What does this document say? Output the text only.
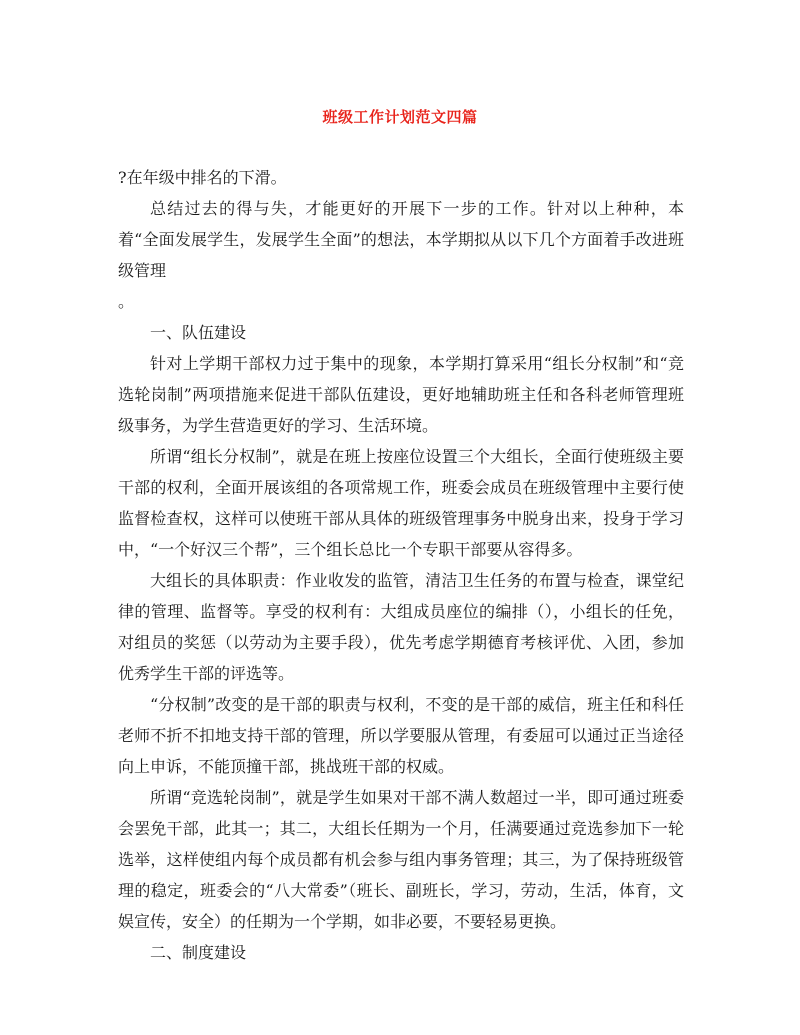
班级工作计划范文四篇

?在年级中排名的下滑。

总结过去的得与失，才能更好的开展下一步的工作。针对以上种种，本着“全面发展学生，发展学生全面”的想法，本学期拟从以下几个方面着手改进班级管理

。

一、队伍建设

针对上学期干部权力过于集中的现象，本学期打算采用“组长分权制”和“竞选轮岗制”两项措施来促进干部队伍建设，更好地辅助班主任和各科老师管理班级事务，为学生营造更好的学习、生活环境。

所谓“组长分权制”，就是在班上按座位设置三个大组长，全面行使班级主要干部的权利，全面开展该组的各项常规工作，班委会成员在班级管理中主要行使监督检查权，这样可以使班干部从具体的班级管理事务中脱身出来，投身于学习中，“一个好汉三个帮”，三个组长总比一个专职干部要从容得多。

大组长的具体职责：作业收发的监管，清洁卫生任务的布置与检查，课堂纪律的管理、监督等。享受的权利有：大组成员座位的编排（），小组长的任免，对组员的奖惩（以劳动为主要手段），优先考虑学期德育考核评优、入团，参加优秀学生干部的评选等。

“分权制”改变的是干部的职责与权利，不变的是干部的威信，班主任和科任老师不折不扣地支持干部的管理，所以学要服从管理，有委屈可以通过正当途径向上申诉，不能顶撞干部，挑战班干部的权威。

所谓“竞选轮岗制”，就是学生如果对干部不满人数超过一半，即可通过班委会罢免干部，此其一；其二，大组长任期为一个月，任满要通过竞选参加下一轮选举，这样使组内每个成员都有机会参与组内事务管理；其三，为了保持班级管理的稳定，班委会的“八大常委”（班长、副班长，学习，劳动，生活，体育，文娱宣传，安全）的任期为一个学期，如非必要，不要轻易更换。

二、制度建设
